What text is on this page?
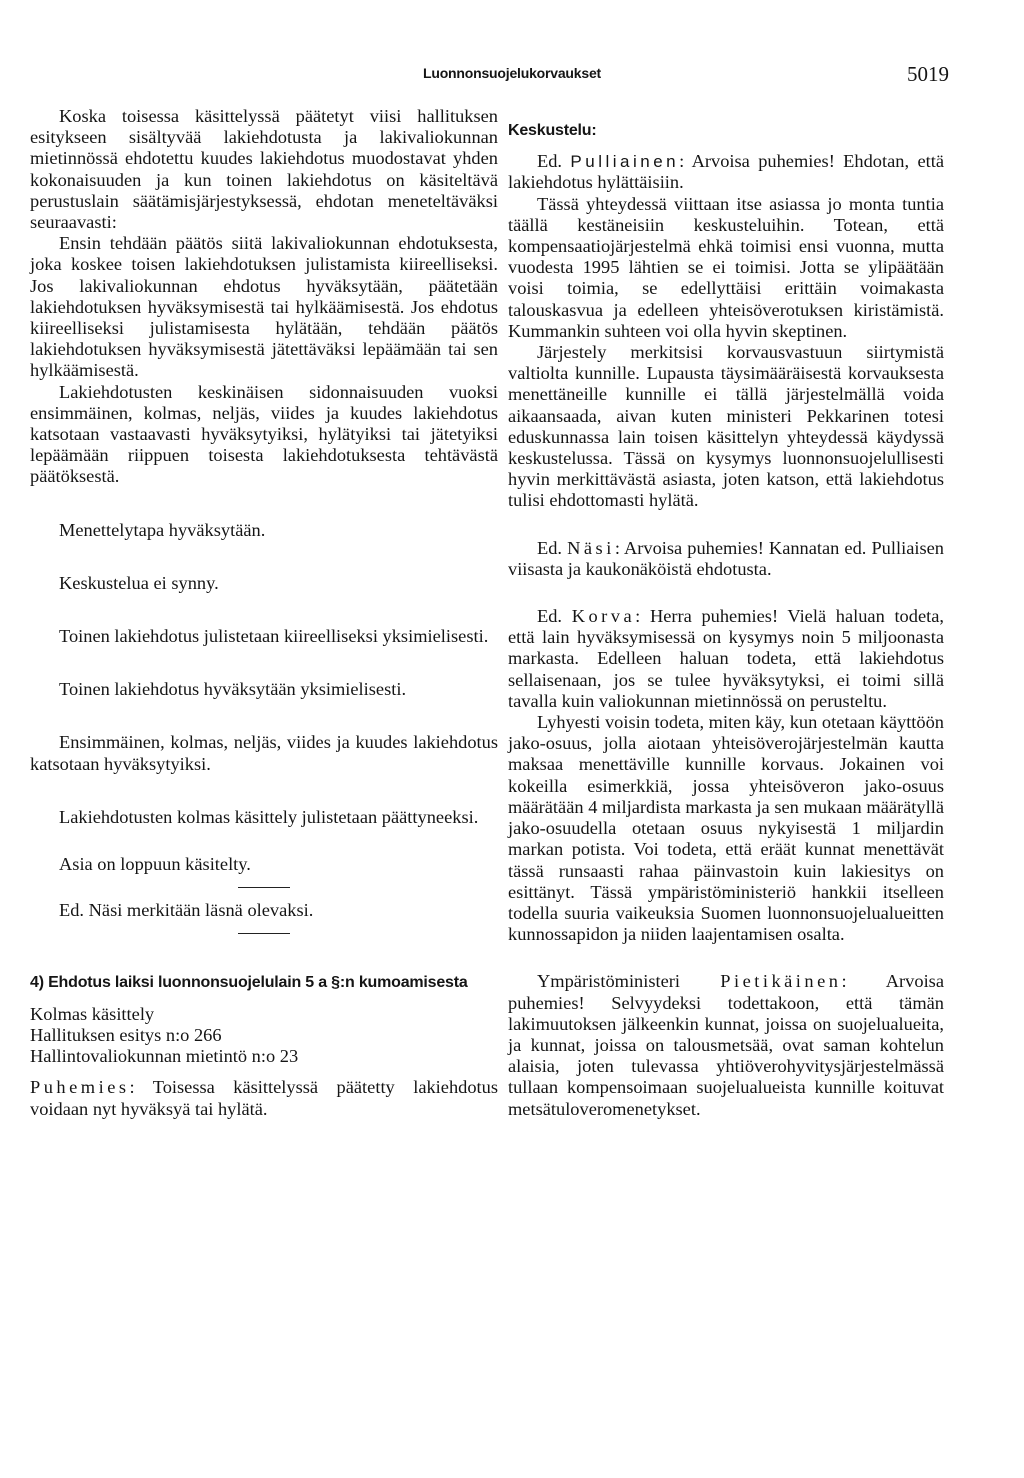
Luonnonsuojelukorvaukset	5019

Koska toisessa käsittelyssä päätetyt viisi hallituksen esitykseen sisältyvää lakiehdotusta ja lakivaliokunnan mietinnössä ehdotettu kuudes lakiehdotus muodostavat yhden kokonaisuuden ja kun toinen lakiehdotus on käsiteltävä perustuslain säätämisjärjestyksessä, ehdotan meneteltäväksi seuraavasti:

Ensin tehdään päätös siitä lakivaliokunnan ehdotuksesta, joka koskee toisen lakiehdotuksen julistamista kiireelliseksi. Jos lakivaliokunnan ehdotus hyväksytään, päätetään lakiehdotuksen hyväksymisestä tai hylkäämisestä. Jos ehdotus kiireelliseksi julistamisesta hylätään, tehdään päätös lakiehdotuksen hyväksymisestä jätettäväksi lepäämään tai sen hylkäämisestä.

Lakiehdotusten keskinäisen sidonnaisuuden vuoksi ensimmäinen, kolmas, neljäs, viides ja kuudes lakiehdotus katsotaan vastaavasti hyväksytyiksi, hylätyiksi tai jätetyiksi lepäämään riippuen toisesta lakiehdotuksesta tehtävästä päätöksestä.

Menettelytapa hyväksytään.

Keskustelua ei synny.

Toinen lakiehdotus julistetaan kiireelliseksi yksimielisesti.

Toinen lakiehdotus hyväksytään yksimielisesti.

Ensimmäinen, kolmas, neljäs, viides ja kuudes lakiehdotus katsotaan hyväksytyiksi.

Lakiehdotusten kolmas käsittely julistetaan päättyneeksi.

Asia on loppuun käsitelty.

Ed. Näsi merkitään läsnä olevaksi.

4) Ehdotus laiksi luonnonsuojelulain 5 a §:n kumoamisesta

Kolmas käsittely

Hallituksen esitys n:o 266

Hallintovaliokunnan mietintö n:o 23

Puhemies: Toisessa käsittelyssä päätetty lakiehdotus voidaan nyt hyväksyä tai hylätä.

Keskustelu:

Ed. Pulliainen: Arvoisa puhemies! Ehdotan, että lakiehdotus hylättäisiin.

Tässä yhteydessä viittaan itse asiassa jo monta tuntia täällä kestäneisiin keskusteluihin. Totean, että kompensaatiojärjestelmä ehkä toimisi ensi vuonna, mutta vuodesta 1995 lähtien se ei toimisi. Jotta se ylipäätään voisi toimia, se edellyttäisi erittäin voimakasta talouskasvua ja edelleen yhteisöverotuksen kiristämistä. Kummankin suhteen voi olla hyvin skeptinen.

Järjestely merkitsisi korvausvastuun siirtymistä valtiolta kunnille. Lupausta täysimääräisestä korvauksesta menettäneille kunnille ei tällä järjestelmällä voida aikaansaada, aivan kuten ministeri Pekkarinen totesi eduskunnassa lain toisen käsittelyn yhteydessä käydyssä keskustelussa. Tässä on kysymys luonnonsuojelullisesti hyvin merkittävästä asiasta, joten katson, että lakiehdotus tulisi ehdottomasti hylätä.

Ed. Näsi: Arvoisa puhemies! Kannatan ed. Pulliaisen viisasta ja kaukonäköistä ehdotusta.

Ed. Korva: Herra puhemies! Vielä haluan todeta, että lain hyväksymisessä on kysymys noin 5 miljoonasta markasta. Edelleen haluan todeta, että lakiehdotus sellaisenaan, jos se tulee hyväksytyksi, ei toimi sillä tavalla kuin valiokunnan mietinnössä on perusteltu.

Lyhyesti voisin todeta, miten käy, kun otetaan käyttöön jako-osuus, jolla aiotaan yhteisöverojärjestelmän kautta maksaa menettäville kunnille korvaus. Jokainen voi kokeilla esimerkkiä, jossa yhteisöveron jako-osuus määrätään 4 miljardista markasta ja sen mukaan määrätyllä jako-osuudella otetaan osuus nykyisestä 1 miljardin markan potista. Voi todeta, että eräät kunnat menettävät tässä runsaasti rahaa päinvastoin kuin lakiesitys on esittänyt. Tässä ympäristöministeriö hankkii itselleen todella suuria vaikeuksia Suomen luonnonsuojelualueitten kunnossapidon ja niiden laajentamisen osalta.

Ympäristöministeri Pietikäinen: Arvoisa puhemies! Selvyydeksi todettakoon, että tämän lakimuutoksen jälkeenkin kunnat, joissa on suojelualueita, ja kunnat, joissa on talousmetsää, ovat saman kohtelun alaisia, joten tulevassa yhtiöverohyvitysjärjestelmässä tullaan kompensoimaan suojelualueista kunnille koituvat metsätuloveromenetykset.
